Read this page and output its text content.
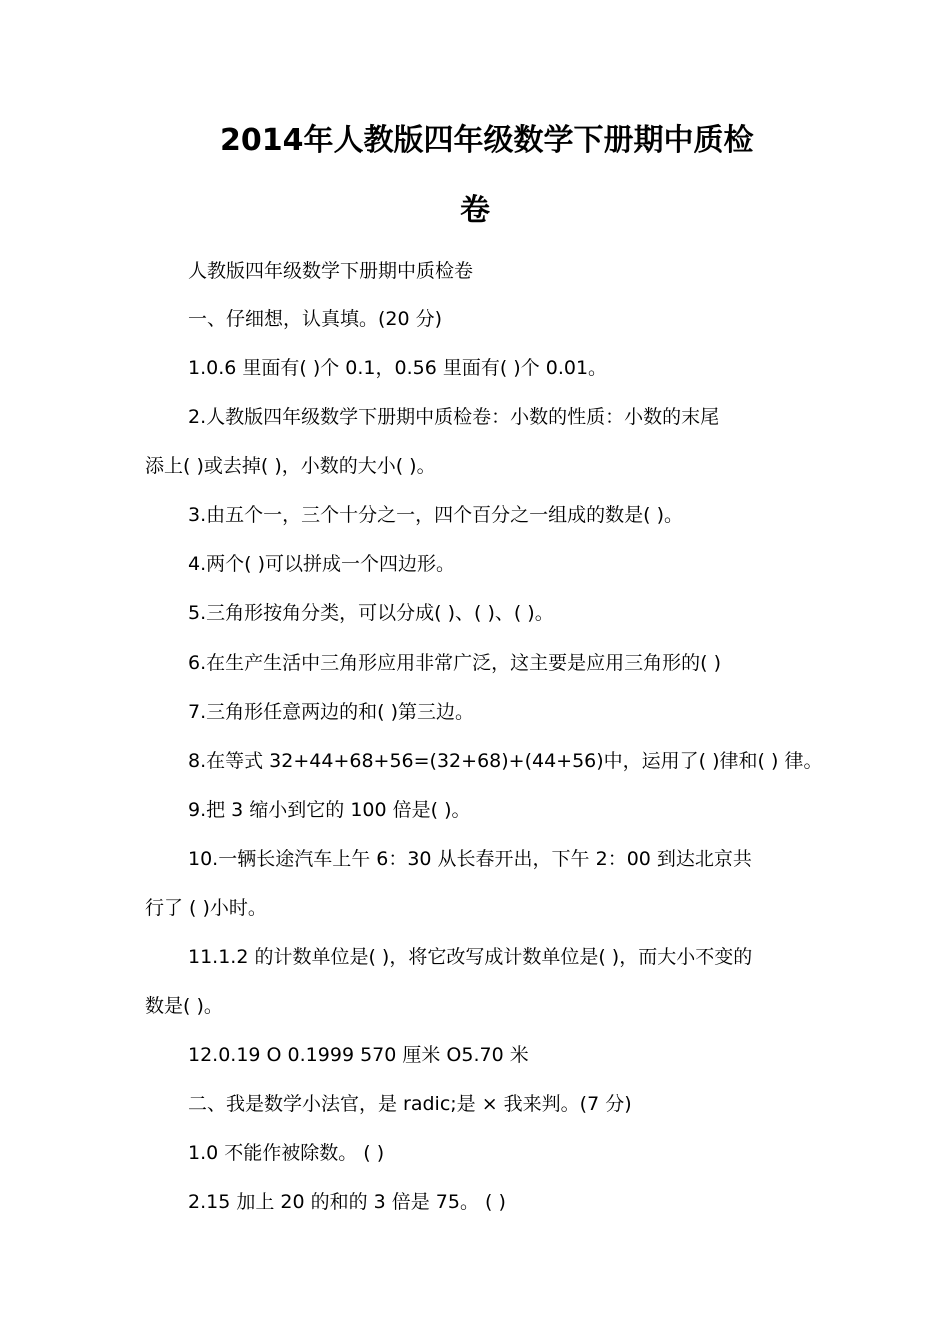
2014年人教版四年级数学下册期中质检
卷
人教版四年级数学下册期中质检卷
一、仔细想，认真填。(20 分)
1.0.6 里面有( )个 0.1，0.56 里面有( )个 0.01。
2.人教版四年级数学下册期中质检卷：小数的性质：小数的末尾
添上( )或去掉( )，小数的大小( )。
3.由五个一，三个十分之一，四个百分之一组成的数是( )。
4.两个( )可以拼成一个四边形。
5.三角形按角分类，可以分成( )、( )、( )。
6.在生产生活中三角形应用非常广泛，这主要是应用三角形的( )
7.三角形任意两边的和( )第三边。
8.在等式 32+44+68+56=(32+68)+(44+56)中，运用了( )律和( ) 律。
9.把 3 缩小到它的 100 倍是( )。
10.一辆长途汽车上午 6：30 从长春开出，下午 2：00 到达北京共
行了 ( )小时。
11.1.2 的计数单位是( )，将它改写成计数单位是( )，而大小不变的
数是( )。
12.0.19 O 0.1999 570 厘米 O5.70 米
二、我是数学小法官，是 radic;是 × 我来判。(7 分)
1.0 不能作被除数。 ( )
2.15 加上 20 的和的 3 倍是 75。 ( )
